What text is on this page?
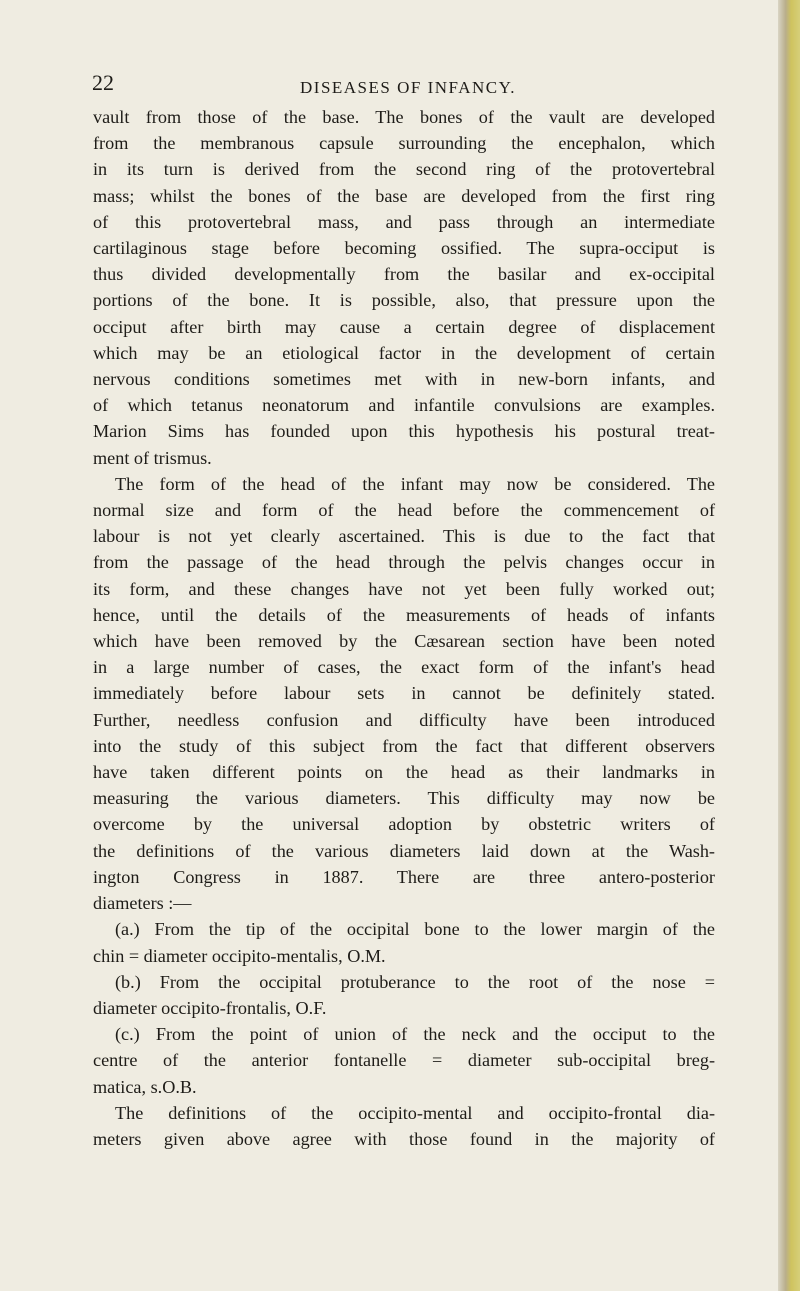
22	DISEASES OF INFANCY.
vault from those of the base. The bones of the vault are developed
from the membranous capsule surrounding the encephalon, which
in its turn is derived from the second ring of the protovertebral
mass; whilst the bones of the base are developed from the first ring
of this protovertebral mass, and pass through an intermediate
cartilaginous stage before becoming ossified. The supra-occiput is
thus divided developmentally from the basilar and ex-occipital
portions of the bone. It is possible, also, that pressure upon the
occiput after birth may cause a certain degree of displacement
which may be an etiological factor in the development of certain
nervous conditions sometimes met with in new-born infants, and
of which tetanus neonatorum and infantile convulsions are examples.
Marion Sims has founded upon this hypothesis his postural treat-
ment of trismus.
The form of the head of the infant may now be considered. The
normal size and form of the head before the commencement of
labour is not yet clearly ascertained. This is due to the fact that
from the passage of the head through the pelvis changes occur in
its form, and these changes have not yet been fully worked out;
hence, until the details of the measurements of heads of infants
which have been removed by the Cæsarean section have been noted
in a large number of cases, the exact form of the infant's head
immediately before labour sets in cannot be definitely stated.
Further, needless confusion and difficulty have been introduced
into the study of this subject from the fact that different observers
have taken different points on the head as their landmarks in
measuring the various diameters. This difficulty may now be
overcome by the universal adoption by obstetric writers of
the definitions of the various diameters laid down at the Wash-
ington Congress in 1887. There are three antero-posterior
diameters :—
(a.) From the tip of the occipital bone to the lower margin of the
chin = diameter occipito-mentalis, O.M.
(b.) From the occipital protuberance to the root of the nose =
diameter occipito-frontalis, O.F.
(c.) From the point of union of the neck and the occiput to the
centre of the anterior fontanelle = diameter sub-occipital breg-
matica, s.O.B.
The definitions of the occipito-mental and occipito-frontal dia-
meters given above agree with those found in the majority of
